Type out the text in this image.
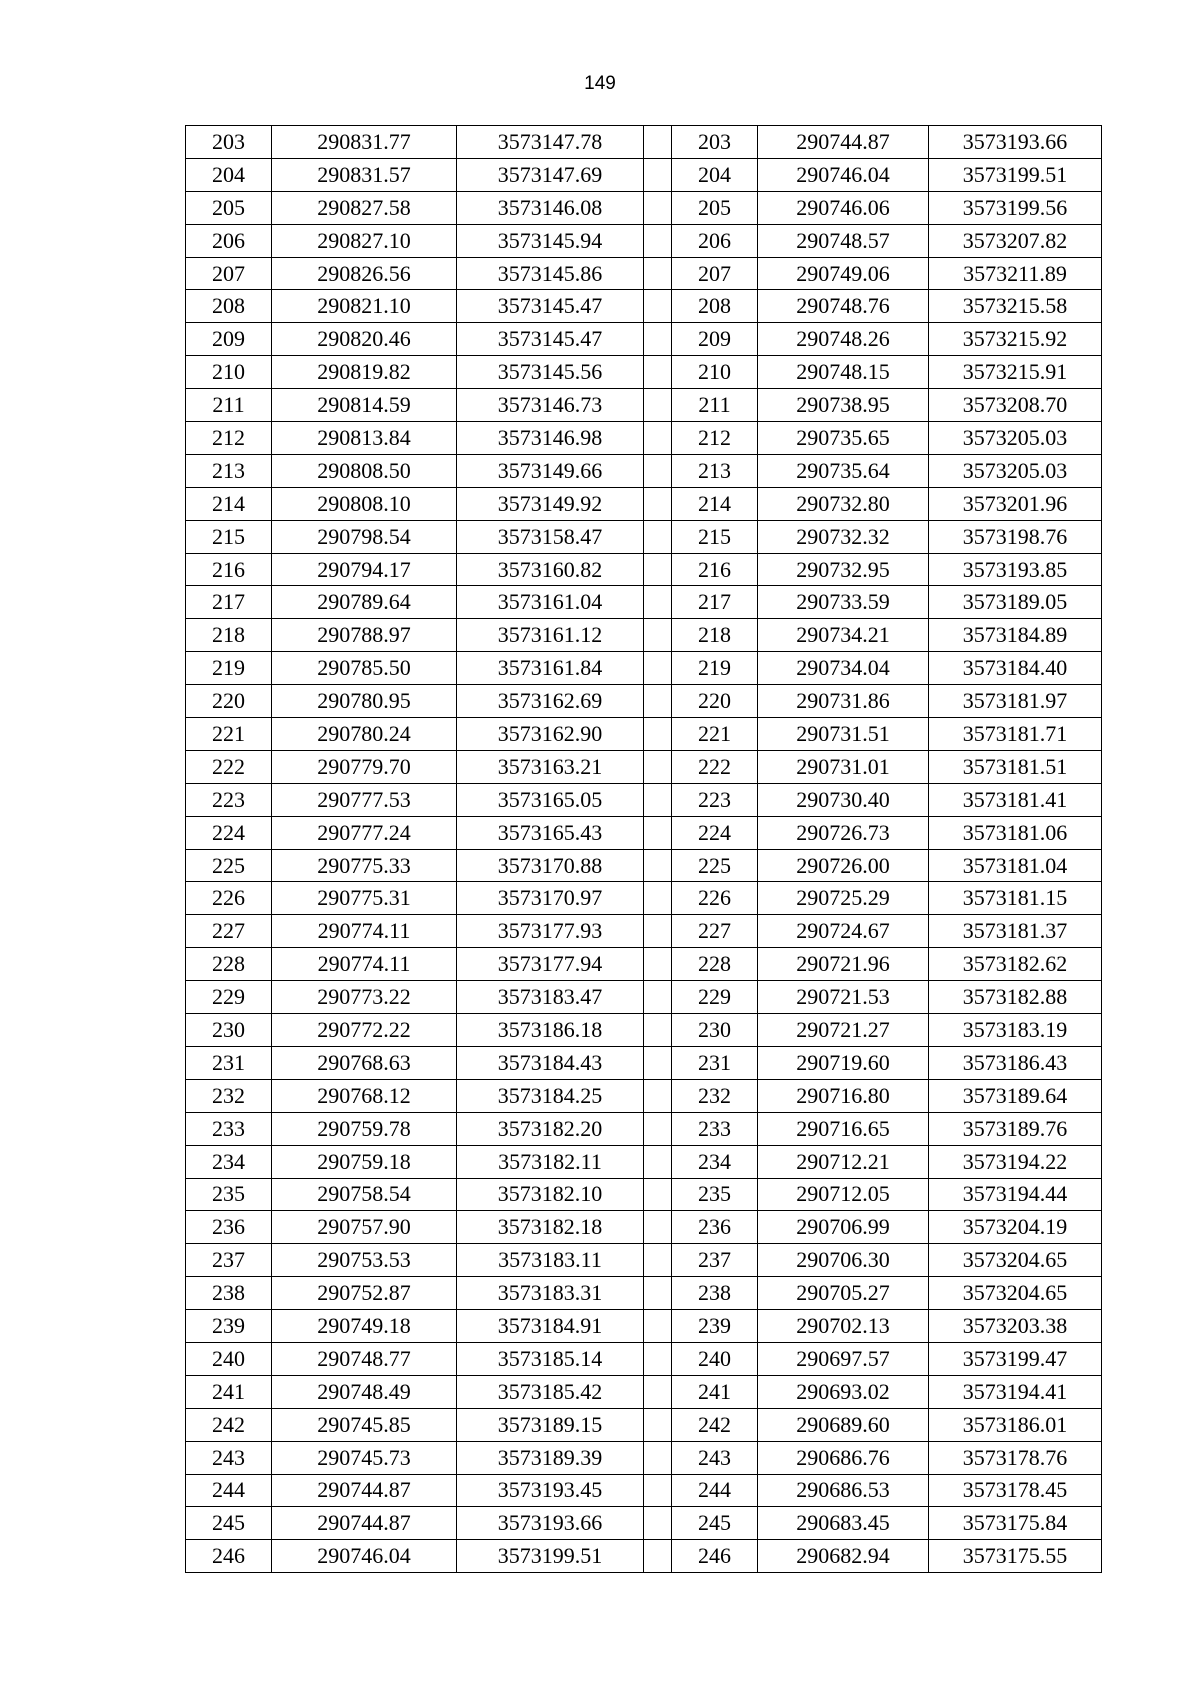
149
203	290831.77	3573147.78		203	290744.87	3573193.66
204	290831.57	3573147.69		204	290746.04	3573199.51
205	290827.58	3573146.08		205	290746.06	3573199.56
206	290827.10	3573145.94		206	290748.57	3573207.82
207	290826.56	3573145.86		207	290749.06	3573211.89
208	290821.10	3573145.47		208	290748.76	3573215.58
209	290820.46	3573145.47		209	290748.26	3573215.92
210	290819.82	3573145.56		210	290748.15	3573215.91
211	290814.59	3573146.73		211	290738.95	3573208.70
212	290813.84	3573146.98		212	290735.65	3573205.03
213	290808.50	3573149.66		213	290735.64	3573205.03
214	290808.10	3573149.92		214	290732.80	3573201.96
215	290798.54	3573158.47		215	290732.32	3573198.76
216	290794.17	3573160.82		216	290732.95	3573193.85
217	290789.64	3573161.04		217	290733.59	3573189.05
218	290788.97	3573161.12		218	290734.21	3573184.89
219	290785.50	3573161.84		219	290734.04	3573184.40
220	290780.95	3573162.69		220	290731.86	3573181.97
221	290780.24	3573162.90		221	290731.51	3573181.71
222	290779.70	3573163.21		222	290731.01	3573181.51
223	290777.53	3573165.05		223	290730.40	3573181.41
224	290777.24	3573165.43		224	290726.73	3573181.06
225	290775.33	3573170.88		225	290726.00	3573181.04
226	290775.31	3573170.97		226	290725.29	3573181.15
227	290774.11	3573177.93		227	290724.67	3573181.37
228	290774.11	3573177.94		228	290721.96	3573182.62
229	290773.22	3573183.47		229	290721.53	3573182.88
230	290772.22	3573186.18		230	290721.27	3573183.19
231	290768.63	3573184.43		231	290719.60	3573186.43
232	290768.12	3573184.25		232	290716.80	3573189.64
233	290759.78	3573182.20		233	290716.65	3573189.76
234	290759.18	3573182.11		234	290712.21	3573194.22
235	290758.54	3573182.10		235	290712.05	3573194.44
236	290757.90	3573182.18		236	290706.99	3573204.19
237	290753.53	3573183.11		237	290706.30	3573204.65
238	290752.87	3573183.31		238	290705.27	3573204.65
239	290749.18	3573184.91		239	290702.13	3573203.38
240	290748.77	3573185.14		240	290697.57	3573199.47
241	290748.49	3573185.42		241	290693.02	3573194.41
242	290745.85	3573189.15		242	290689.60	3573186.01
243	290745.73	3573189.39		243	290686.76	3573178.76
244	290744.87	3573193.45		244	290686.53	3573178.45
245	290744.87	3573193.66		245	290683.45	3573175.84
246	290746.04	3573199.51		246	290682.94	3573175.55
